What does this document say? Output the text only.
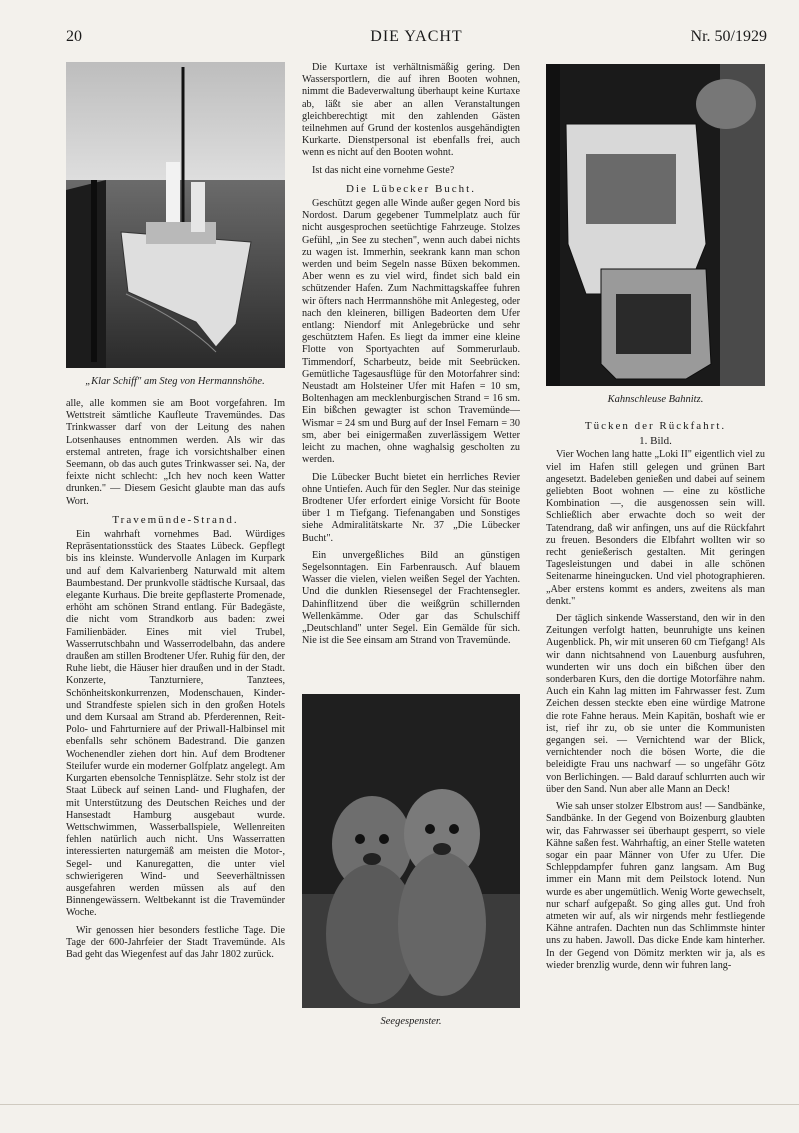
20	DIE YACHT	Nr. 50/1929
„Klar Schiff" am Steg von Hermannshöhe.

alle, alle kommen sie am Boot vorgefahren. Im Wettstreit sämtliche Kaufleute Travemündes. Das Trinkwasser darf von der Leitung des nahen Lotsenhauses entnommen werden. Als wir das erstemal antreten, frage ich vorsichtshalber einen Seemann, ob das auch gutes Trinkwasser sei. Na, der feixte nicht schlecht: „Ich hev noch keen Watter drunken." — Diesem Gesicht glaubte man das aufs Wort.

Travemünde-Strand.

Ein wahrhaft vornehmes Bad. Würdiges Repräsentationsstück des Staates Lübeck. Gepflegt bis ins kleinste. Wundervolle Anlagen im Kurpark und auf dem Kalvarienberg Naturwald mit altem Baumbestand. Der prunkvolle städtische Kursaal, das elegante Kurhaus. Die breite gepflasterte Promenade, erhöht am schönen Strand entlang. Für Badegäste, die nicht vom Strandkorb aus baden: zwei Familienbäder. Eines mit viel Trubel, Wasserrutschbahn und Wasserrodelbahn, das andere draußen am stillen Brodtener Ufer. Ruhig für den, der Ruhe liebt, die Häuser hier draußen und in der Stadt. Konzerte, Tanzturniere, Tanztees, Schönheitskonkurrenzen, Modenschauen, Kinder- und Strandfeste spielen sich in den großen Hotels und dem Kursaal am Strand ab. Pferderennen, Reit-Polo- und Fahrturniere auf der Priwall-Halbinsel mit ebenfalls sehr schönem Badestrand. Die ganzen Wochenendler ziehen dort hin. Auf dem Brodtener Steilufer wurde ein moderner Golfplatz angelegt. Am Kurgarten ebensolche Tennisplätze. Sehr stolz ist der Staat Lübeck auf seinen Land- und Flughafen, der mit Unterstützung des Deutschen Reiches und der Hansestadt Hamburg ausgebaut wurde. Wettschwimmen, Wasserballspiele, Wellenreiten fehlen natürlich auch nicht. Uns Wasserratten interessierten naturgemäß am meisten die Motor-, Segel- und Kanuregatten, die unter viel schwierigeren Wind- und Seeverhältnissen ausgefahren werden müssen als auf den Binnengewässern. Weltbekannt ist die Travemünder Woche.

Wir genossen hier besonders festliche Tage. Die Tage der 600-Jahrfeier der Stadt Travemünde. Als Bad geht das Wiegenfest auf das Jahr 1802 zurück.

Die Kurtaxe ist verhältnismäßig gering. Den Wassersportlern, die auf ihren Booten wohnen, nimmt die Badeverwaltung überhaupt keine Kurtaxe ab, läßt sie aber an allen Veranstaltungen gleichberechtigt mit den zahlenden Gästen teilnehmen auf Grund der kostenlos ausgehändigten Kurkarte. Dienstpersonal ist ebenfalls frei, auch wenn es nicht auf den Booten wohnt.

Ist das nicht eine vornehme Geste?

Die Lübecker Bucht.

Geschützt gegen alle Winde außer gegen Nord bis Nordost. Darum gegebener Tummelplatz auch für nicht ausgesprochen seetüchtige Fahrzeuge. Stolzes Gefühl, „in See zu stechen", wenn auch dabei nichts zu wagen ist. Immerhin, seekrank kann man schon werden und beim Segeln nasse Büxen bekommen. Aber wenn es zu viel wird, findet sich bald ein schützender Hafen. Zum Nachmittagskaffee fuhren wir öfters nach Herrmannshöhe mit Anlegesteg, oder nach den kleineren, billigen Badeorten dem Ufer entlang: Niendorf mit Anlegebrücke und sehr geschütztem Hafen. Es liegt da immer eine kleine Flotte von Sportyachten auf Sommerurlaub. Timmendorf, Scharbeutz, beide mit Seebrücken. Gemütliche Tagesausflüge für den Motorfahrer sind: Neustadt am Holsteiner Ufer mit Hafen = 10 sm, Boltenhagen am mecklenburgischen Strand = 16 sm. Ein bißchen gewagter ist schon Travemünde—Wismar = 24 sm und Burg auf der Insel Femarn = 30 sm, aber bei einigermaßen zuverlässigem Wetter leicht zu machen, ohne waghalsig gescholten zu werden.

Die Lübecker Bucht bietet ein herrliches Revier ohne Untiefen. Auch für den Segler. Nur das steinige Brodtener Ufer erfordert einige Vorsicht für Boote über 1 m Tiefgang. Tiefenangaben und Sonstiges siehe Admiralitätskarte Nr. 37 „Die Lübecker Bucht".

Ein unvergeßliches Bild an günstigen Segelsonntagen. Ein Farbenrausch. Auf blauem Wasser die vielen, vielen weißen Segel der Yachten. Und die dunklen Riesensegel der Frachtensegler. Dahinflitzend über die weißgrün schillernden Wellenkämme. Oder gar das Schulschiff „Deutschland" unter Segel. Ein Gemälde für sich. Nie ist die See einsam am Strand von Travemünde.

Seegespenster.
Kahnschleuse Bahnitz.
Tücken der Rückfahrt.
1. Bild.

Vier Wochen lang hatte „Loki II" eigentlich viel zu viel im Hafen still gelegen und grünen Bart angesetzt. Badeleben genießen und dabei auf seinem geliebten Boot wohnen — eine zu köstliche Kombination —, die ausgenossen sein will. Schließlich aber erwachte doch so weit der Tatendrang, daß wir anfingen, uns auf die Rückfahrt zu freuen. Besonders die Elbfahrt wollten wir so recht genießerisch gestalten. Mit geringen Tagesleistungen und dabei in alle schönen Seitenarme hineingucken. Und viel photographieren. „Aber erstens kommt es anders, zweitens als man denkt."

Der täglich sinkende Wasserstand, den wir in den Zeitungen verfolgt hatten, beunruhigte uns keinen Augenblick. Ph, wir mit unseren 60 cm Tiefgang! Als wir dann nichtsahnend von Lauenburg ausfuhren, wunderten wir uns doch ein bißchen über den sonderbaren Kurs, den die dortige Motorfähre nahm. Auch ein Kahn lag mitten im Fahrwasser fest. Zum Zeichen dessen steckte eben eine würdige Matrone die rote Fahne heraus. Mein Kapitän, boshaft wie er ist, rief ihr zu, ob sie unter die Kommunisten gegangen sei. — Vernichtend war der Blick, vernichtender noch die bösen Worte, die die beleidigte Frau uns nachwarf — so ungefähr Götz von Berlichingen. — Bald darauf schlurrten auch wir über den Sand. Nun aber alle Mann an Deck!

Wie sah unser stolzer Elbstrom aus! — Sandbänke, Sandbänke. In der Gegend von Boizenburg glaubten wir, das Fahrwasser sei überhaupt gesperrt, so viele Kähne saßen fest. Wahrhaftig, an einer Stelle wateten sogar ein paar Männer von Ufer zu Ufer. Die Schleppdampfer fuhren ganz langsam. Am Bug immer ein Mann mit dem Peilstock lotend. Nun wurde es aber ungemütlich. Wenig Worte gewechselt, nur scharf aufgepaßt. So ging alles gut. Und froh atmeten wir auf, als wir nirgends mehr festliegende Kähne antrafen. Dachten nun das Schlimmste hinter uns zu haben. Jawoll. Das dicke Ende kam hinterher. In der Gegend von Dömitz merkten wir ja, als es wieder brenzlig wurde, denn wir fuhren lang-
